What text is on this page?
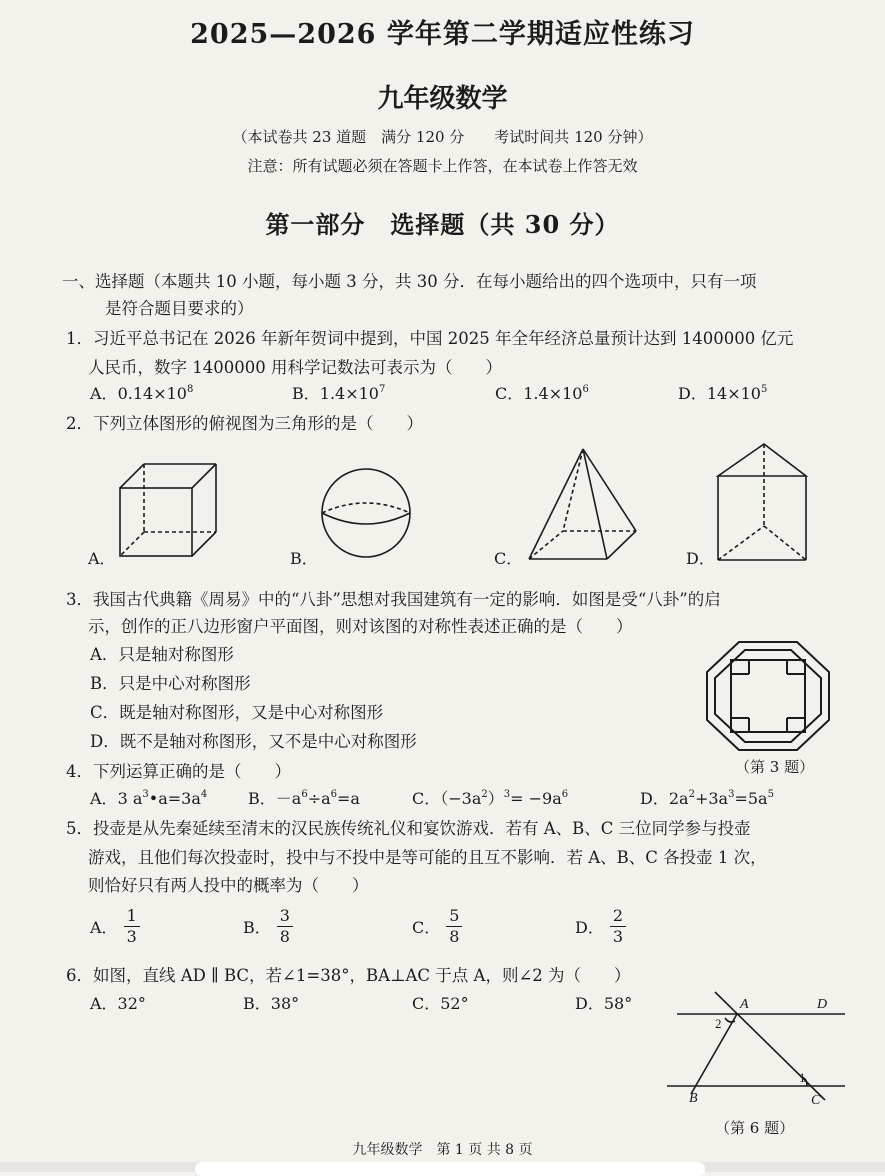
2025—2026 学年第二学期适应性练习
九年级数学
（本试卷共 23 道题　满分 120 分　　考试时间共 120 分钟）
注意：所有试题必须在答题卡上作答，在本试卷上作答无效
第一部分　选择题（共 30 分）
一、选择题（本题共 10 小题，每小题 3 分，共 30 分．在每小题给出的四个选项中，只有一项
是符合题目要求的）
1．习近平总书记在 2026 年新年贺词中提到，中国 2025 年全年经济总量预计达到 1400000 亿元
人民币，数字 1400000 用科学记数法可表示为（　　）
A．$0.14\times 10^8$	B．$1.4\times 10^7$	C．$1.4\times 10^6$	D．$14\times 10^5$
2．下列立体图形的俯视图为三角形的是（　　）
A．	B．	C．	D．
3．我国古代典籍《周易》中的“八卦”思想对我国建筑有一定的影响．如图是受“八卦”的启
示，创作的正八边形窗户平面图，则对该图的对称性表述正确的是（　　）
A．只是轴对称图形
B．只是中心对称图形
C．既是轴对称图形，又是中心对称图形
D．既不是轴对称图形，又不是中心对称图形
（第 3 题）
4．下列运算正确的是（　　）
A．3 $a^3•a=3a^4$	B．$-a^6\div a^6=a$	C．$(-3a^2)^3= -9a^6$	D．$2a^2+3a^3=5a^5$
5．投壶是从先秦延续至清末的汉民族传统礼仪和宴饮游戏．若有 A、B、C 三位同学参与投壶
游戏，且他们每次投壶时，投中与不投中是等可能的且互不影响．若 A、B、C 各投壶 1 次，
则恰好只有两人投中的概率为（　　）
A． $\frac{1}{3}$	B． $\frac{3}{8}$	C． $\frac{5}{8}$	D． $\frac{2}{3}$
6．如图，直线 AD ∥ BC，若∠1=38°，BA⊥AC 于点 A，则∠2 为（　　）
A．32°	B．38°	C．52°	D．58°	A	D
2
1
B	C
（第 6 题）
九年级数学　第 1 页 共 8 页
